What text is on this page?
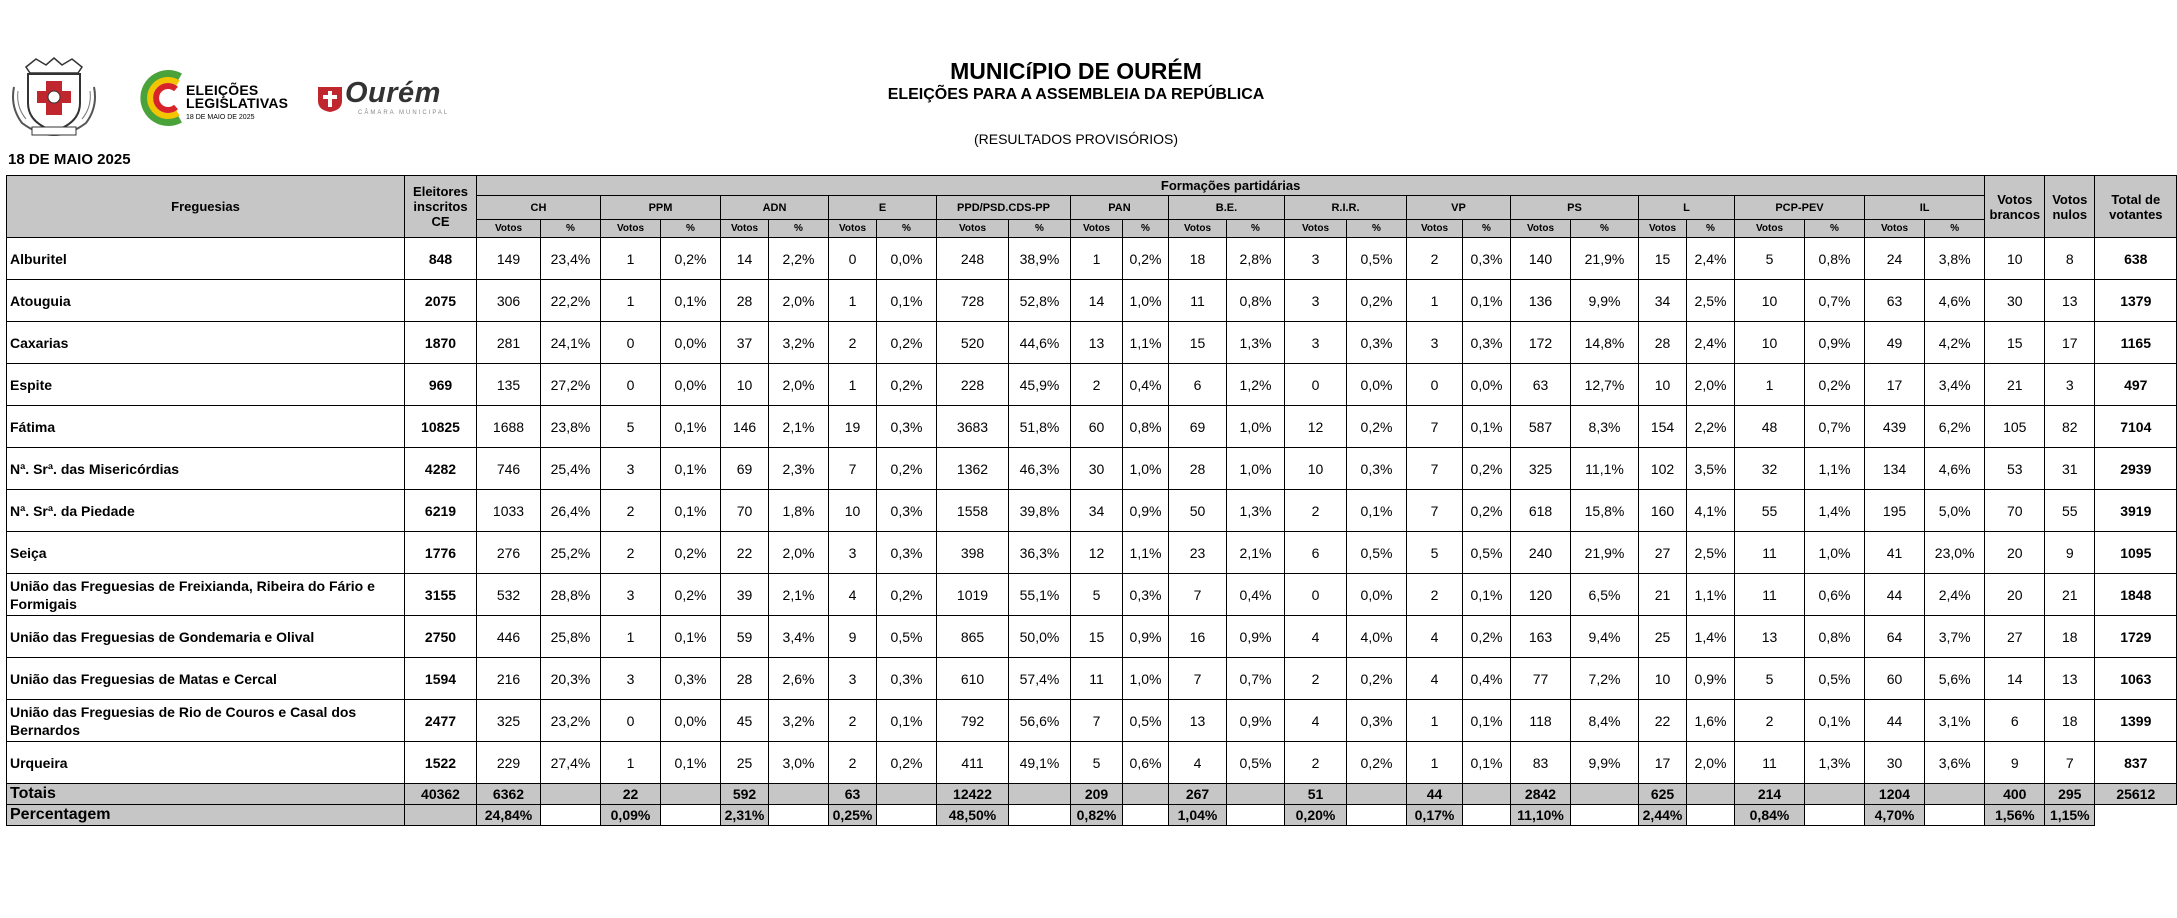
ELEIÇÕES LEGISLATIVAS
18 DE MAIO DE 2025
Ourém
CÂMARA MUNICIPAL
MUNICíPIO DE OURÉM
ELEIÇÕES PARA A ASSEMBLEIA DA REPÚBLICA
(RESULTADOS PROVISÓRIOS)
18 DE MAIO 2025
Freguesias	Eleitores inscritos CE	Formações partidárias																										Votos brancos	Votos nulos	Total de votantes
		CH		PPM		ADN		E		PPD/PSD.CDS-PP		PAN		B.E.		R.I.R.		VP		PS		L		PCP-PEV		IL				
		Votos	%	Votos	%	Votos	%	Votos	%	Votos	%	Votos	%	Votos	%	Votos	%	Votos	%	Votos	%	Votos	%	Votos	%	Votos	%			
Alburitel	848	149	23,4%	1	0,2%	14	2,2%	0	0,0%	248	38,9%	1	0,2%	18	2,8%	3	0,5%	2	0,3%	140	21,9%	15	2,4%	5	0,8%	24	3,8%	10	8	638
Atouguia	2075	306	22,2%	1	0,1%	28	2,0%	1	0,1%	728	52,8%	14	1,0%	11	0,8%	3	0,2%	1	0,1%	136	9,9%	34	2,5%	10	0,7%	63	4,6%	30	13	1379
Caxarias	1870	281	24,1%	0	0,0%	37	3,2%	2	0,2%	520	44,6%	13	1,1%	15	1,3%	3	0,3%	3	0,3%	172	14,8%	28	2,4%	10	0,9%	49	4,2%	15	17	1165
Espite	969	135	27,2%	0	0,0%	10	2,0%	1	0,2%	228	45,9%	2	0,4%	6	1,2%	0	0,0%	0	0,0%	63	12,7%	10	2,0%	1	0,2%	17	3,4%	21	3	497
Fátima	10825	1688	23,8%	5	0,1%	146	2,1%	19	0,3%	3683	51,8%	60	0,8%	69	1,0%	12	0,2%	7	0,1%	587	8,3%	154	2,2%	48	0,7%	439	6,2%	105	82	7104
Nª. Srª. das Misericórdias	4282	746	25,4%	3	0,1%	69	2,3%	7	0,2%	1362	46,3%	30	1,0%	28	1,0%	10	0,3%	7	0,2%	325	11,1%	102	3,5%	32	1,1%	134	4,6%	53	31	2939
Nª. Srª. da Piedade	6219	1033	26,4%	2	0,1%	70	1,8%	10	0,3%	1558	39,8%	34	0,9%	50	1,3%	2	0,1%	7	0,2%	618	15,8%	160	4,1%	55	1,4%	195	5,0%	70	55	3919
Seiça	1776	276	25,2%	2	0,2%	22	2,0%	3	0,3%	398	36,3%	12	1,1%	23	2,1%	6	0,5%	5	0,5%	240	21,9%	27	2,5%	11	1,0%	41	23,0%	20	9	1095
União das Freguesias de Freixianda, Ribeira do Fário e Formigais	3155	532	28,8%	3	0,2%	39	2,1%	4	0,2%	1019	55,1%	5	0,3%	7	0,4%	0	0,0%	2	0,1%	120	6,5%	21	1,1%	11	0,6%	44	2,4%	20	21	1848
União das Freguesias de Gondemaria e Olival	2750	446	25,8%	1	0,1%	59	3,4%	9	0,5%	865	50,0%	15	0,9%	16	0,9%	4	4,0%	4	0,2%	163	9,4%	25	1,4%	13	0,8%	64	3,7%	27	18	1729
União das Freguesias de Matas e Cercal	1594	216	20,3%	3	0,3%	28	2,6%	3	0,3%	610	57,4%	11	1,0%	7	0,7%	2	0,2%	4	0,4%	77	7,2%	10	0,9%	5	0,5%	60	5,6%	14	13	1063
União das Freguesias de Rio de Couros e Casal dos Bernardos	2477	325	23,2%	0	0,0%	45	3,2%	2	0,1%	792	56,6%	7	0,5%	13	0,9%	4	0,3%	1	0,1%	118	8,4%	22	1,6%	2	0,1%	44	3,1%	6	18	1399
Urqueira	1522	229	27,4%	1	0,1%	25	3,0%	2	0,2%	411	49,1%	5	0,6%	4	0,5%	2	0,2%	1	0,1%	83	9,9%	17	2,0%	11	1,3%	30	3,6%	9	7	837
Totais	40362	6362		22		592		63		12422		209		267		51		44		2842		625		214		1204		400	295	25612
Percentagem		24,84%		0,09%		2,31%		0,25%		48,50%		0,82%		1,04%		0,20%		0,17%		11,10%		2,44%		0,84%		4,70%		1,56%	1,15%	
